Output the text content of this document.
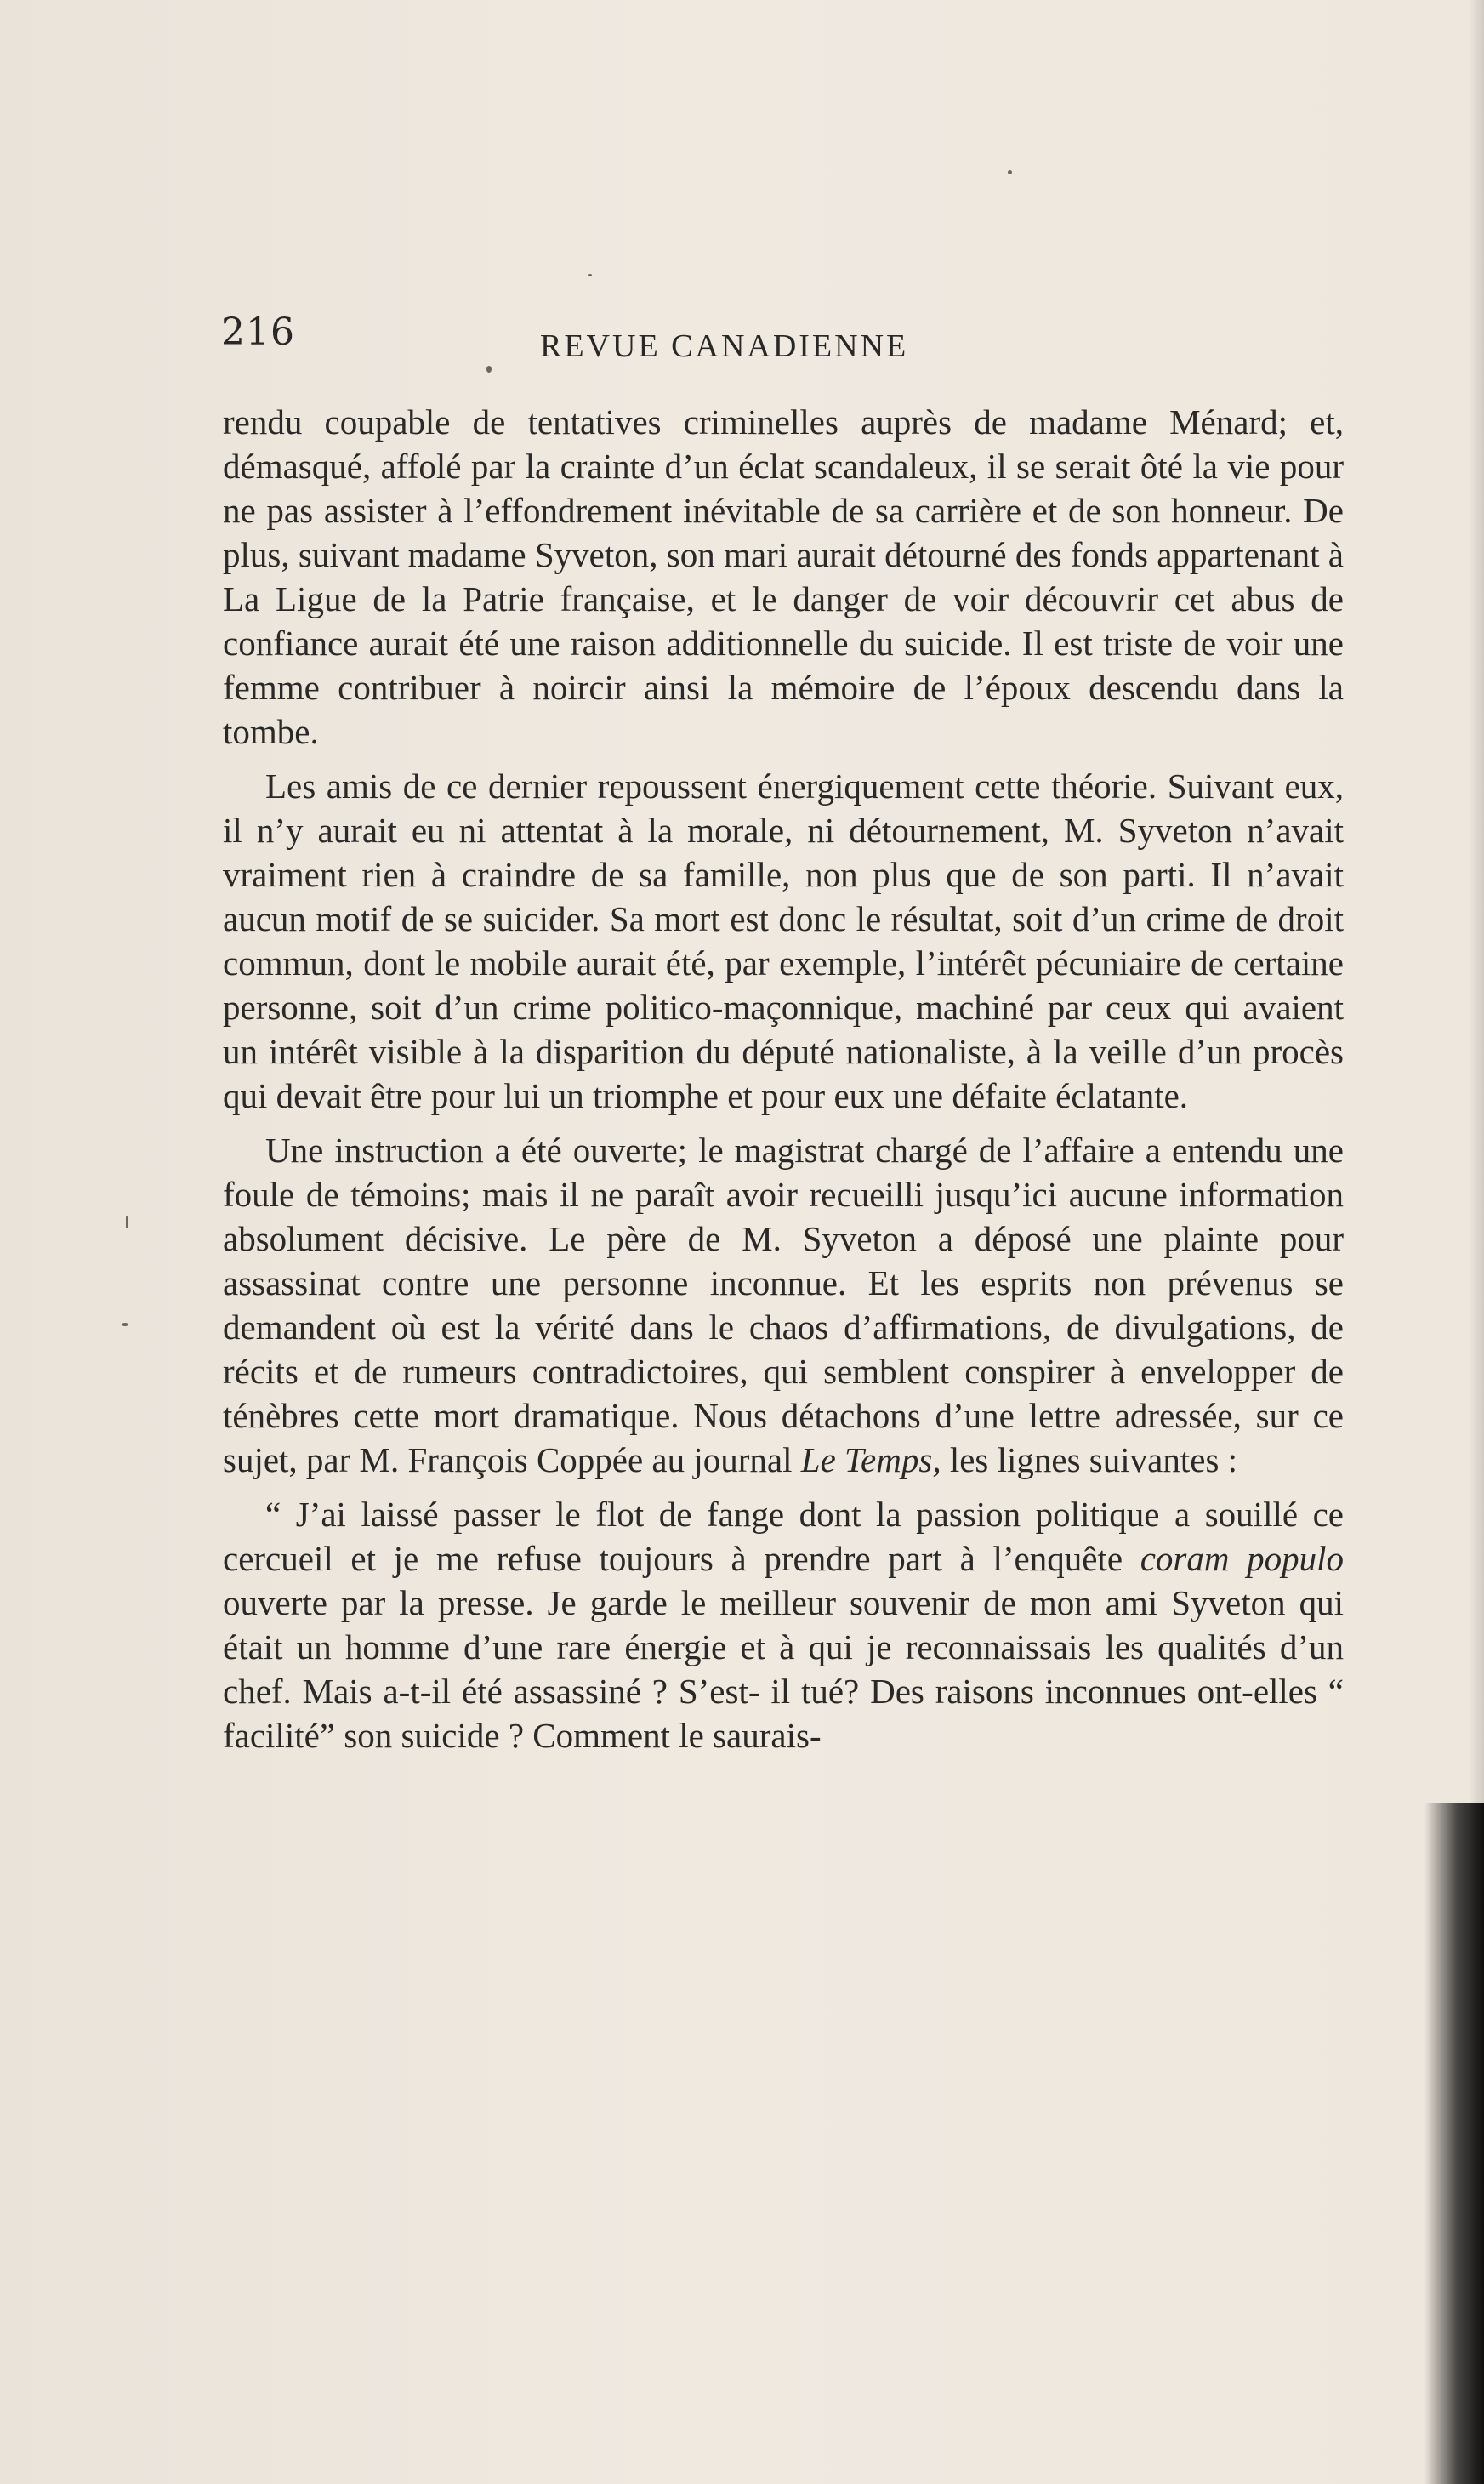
216	REVUE CANADIENNE

rendu coupable de tentatives criminelles auprès de madame Ménard; et, démasqué, affolé par la crainte d’un éclat scandaleux, il se serait ôté la vie pour ne pas assister à l’effondrement inévitable de sa carrière et de son honneur. De plus, suivant madame Syveton, son mari aurait détourné des fonds appartenant à La Ligue de la Patrie française, et le danger de voir découvrir cet abus de confiance aurait été une raison additionnelle du suicide. Il est triste de voir une femme contribuer à noircir ainsi la mémoire de l’époux descendu dans la tombe.

Les amis de ce dernier repoussent énergiquement cette théorie. Suivant eux, il n’y aurait eu ni attentat à la morale, ni détournement, M. Syveton n’avait vraiment rien à craindre de sa famille, non plus que de son parti. Il n’avait aucun motif de se suicider. Sa mort est donc le résultat, soit d’un crime de droit commun, dont le mobile aurait été, par exemple, l’intérêt pécuniaire de certaine personne, soit d’un crime politico-maçonnique, machiné par ceux qui avaient un intérêt visible à la disparition du député nationaliste, à la veille d’un procès qui devait être pour lui un triomphe et pour eux une défaite éclatante.

Une instruction a été ouverte; le magistrat chargé de l’affaire a entendu une foule de témoins; mais il ne paraît avoir recueilli jusqu’ici aucune information absolument décisive. Le père de M. Syveton a déposé une plainte pour assassinat contre une personne inconnue. Et les esprits non prévenus se demandent où est la vérité dans le chaos d’affirmations, de divulgations, de récits et de rumeurs contradictoires, qui semblent conspirer à envelopper de ténèbres cette mort dramatique. Nous détachons d’une lettre adressée, sur ce sujet, par M. François Coppée au journal Le Temps, les lignes suivantes :

“ J’ai laissé passer le flot de fange dont la passion politique a souillé ce cercueil et je me refuse toujours à prendre part à l’enquête coram populo ouverte par la presse. Je garde le meilleur souvenir de mon ami Syveton qui était un homme d’une rare énergie et à qui je reconnaissais les qualités d’un chef. Mais a-t-il été assassiné ? S’est- il tué? Des raisons inconnues ont-elles “ facilité” son suicide ? Comment le saurais-
